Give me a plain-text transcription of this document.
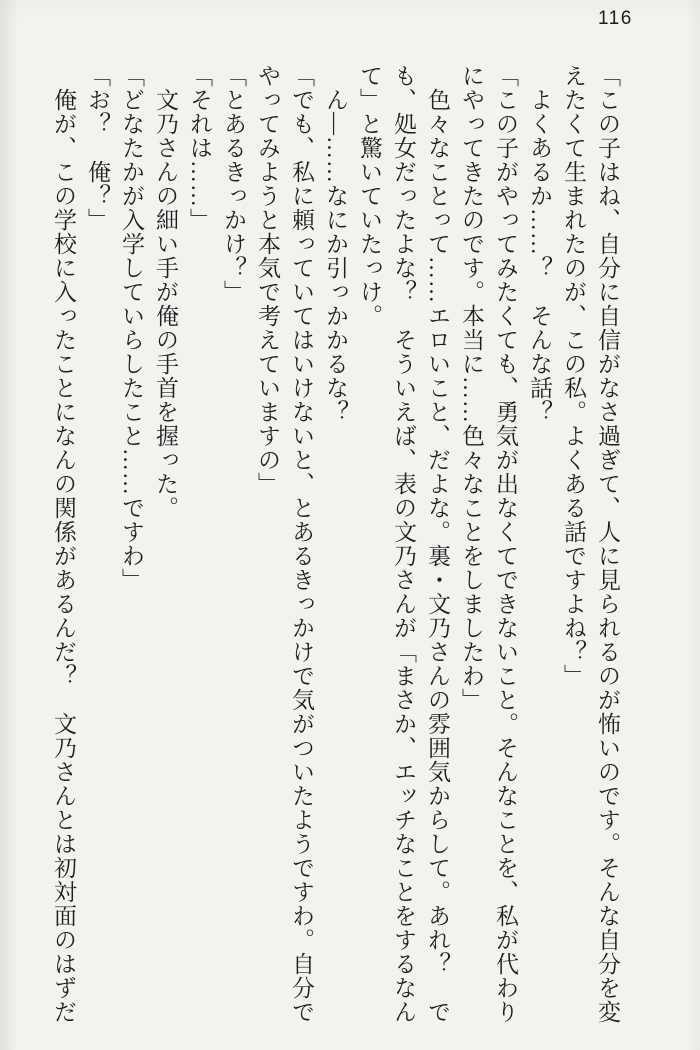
116
「この子はね、自分に自信がなさ過ぎて、人に見られるのが怖いのです。そんな自分を変
えたくて生まれたのが、この私。よくある話ですよね？」
　よくあるか……？　そんな話？
「この子がやってみたくても、勇気が出なくてできないこと。そんなことを、私が代わり
にやってきたのです。本当に……色々なことをしましたわ」
　色々なことって……エロいこと、だよな。裏・文乃さんの雰囲気からして。あれ？　で
も、処女だったよな？　そういえば、表の文乃さんが「まさか、エッチなことをするなん
て」と驚いていたっけ。
　ん―……なにか引っかかるな？
「でも、私に頼っていてはいけないと、とあるきっかけで気がついたようですわ。自分で
やってみようと本気で考えていますの」
「とあるきっかけ？」
「それは……」
　文乃さんの細い手が俺の手首を握った。
「どなたかが入学していらしたこと……ですわ」
「お？　俺？」
　俺が、この学校に入ったことになんの関係があるんだ？　文乃さんとは初対面のはずだ
